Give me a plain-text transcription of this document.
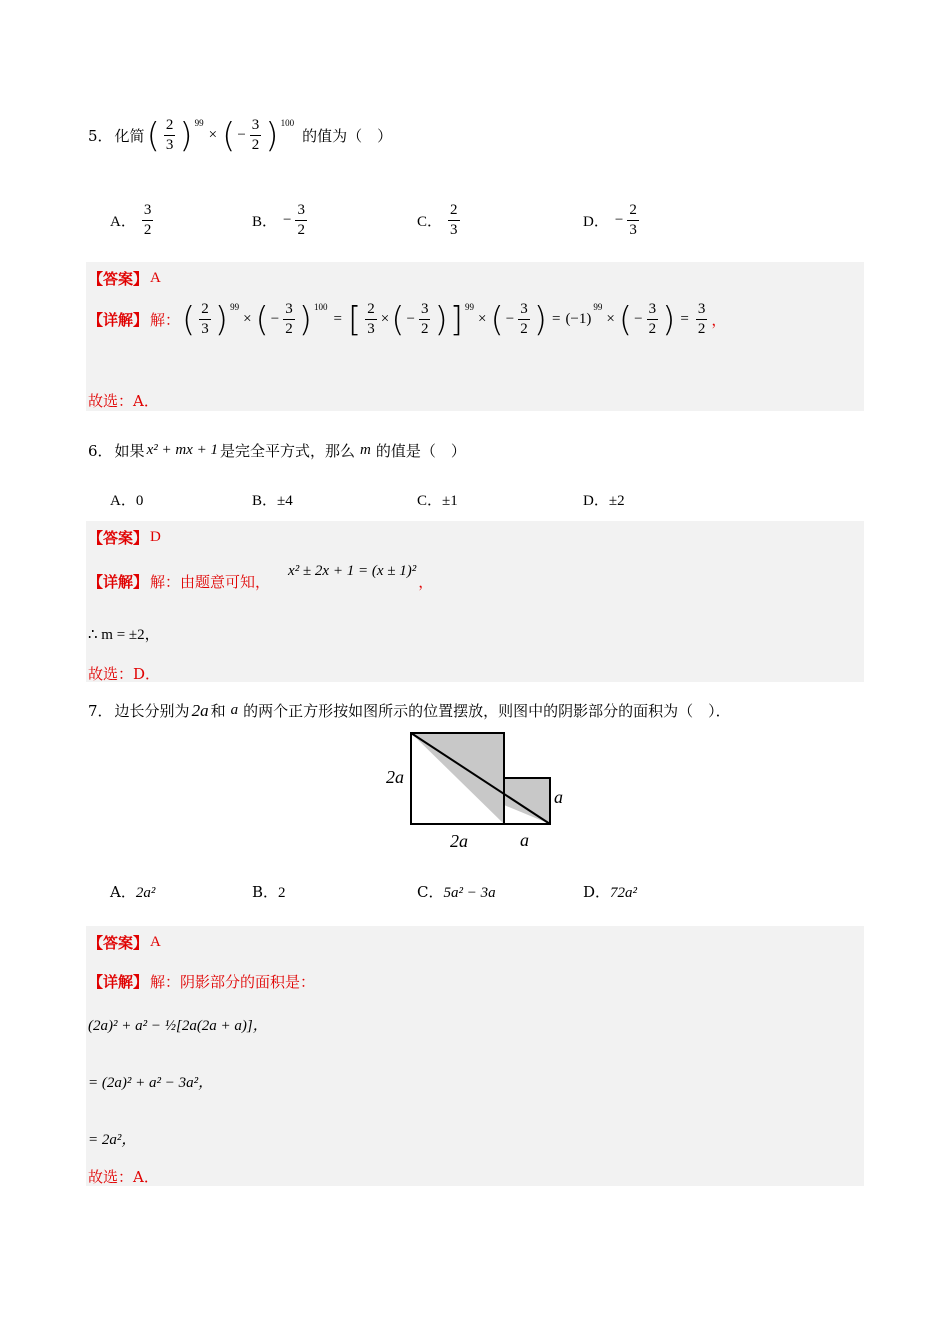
5． 化简 ( $\frac{2}{3} )^{99}$
× ( − $\frac{3}{2} )^{100}$
的值为（　）
A． $\frac{3}{2}$	B． − $\frac{3}{2}$	C． $\frac{2}{3}$	D． − $\frac{2}{3}$
【答案】 A
【详解】 解： ( $\frac{2}{3} )^{99}$
× ( − $\frac{3}{2} )^{100}$
= [ $\frac{2}{3}$ × ( − $\frac{3}{2}$ ) ]$^{99}$
× ( − $\frac{3}{2}$ ) = (−1)
$^{99}$
× ( − $\frac{3}{2}$ ) = $\frac{3}{2}$ ，
故选：A．
6． 如果 x² + mx + 1 是完全平方式，那么 m 的值是（　）
A．0	B．±4	C．±1	D．±2
【答案】 D
【详解】 解：由题意可知，
x² ± 2x + 1 = (x ± 1)²
，
∴ m = ±2，
故选：D．
7． 边长分别为 2a 和 a 的两个正方形按如图所示的位置摆放，则图中的阴影部分的面积为（　）．
2a
2a	a
a
A．2a²	B．2	C．5a² − 3a	D．72a²
【答案】 A
【详解】 解：阴影部分的面积是：
(2a)² + a² − ½[2a(2a + a)]，
= (2a)² + a² − 3a²，
= 2a²，
故选：A．
